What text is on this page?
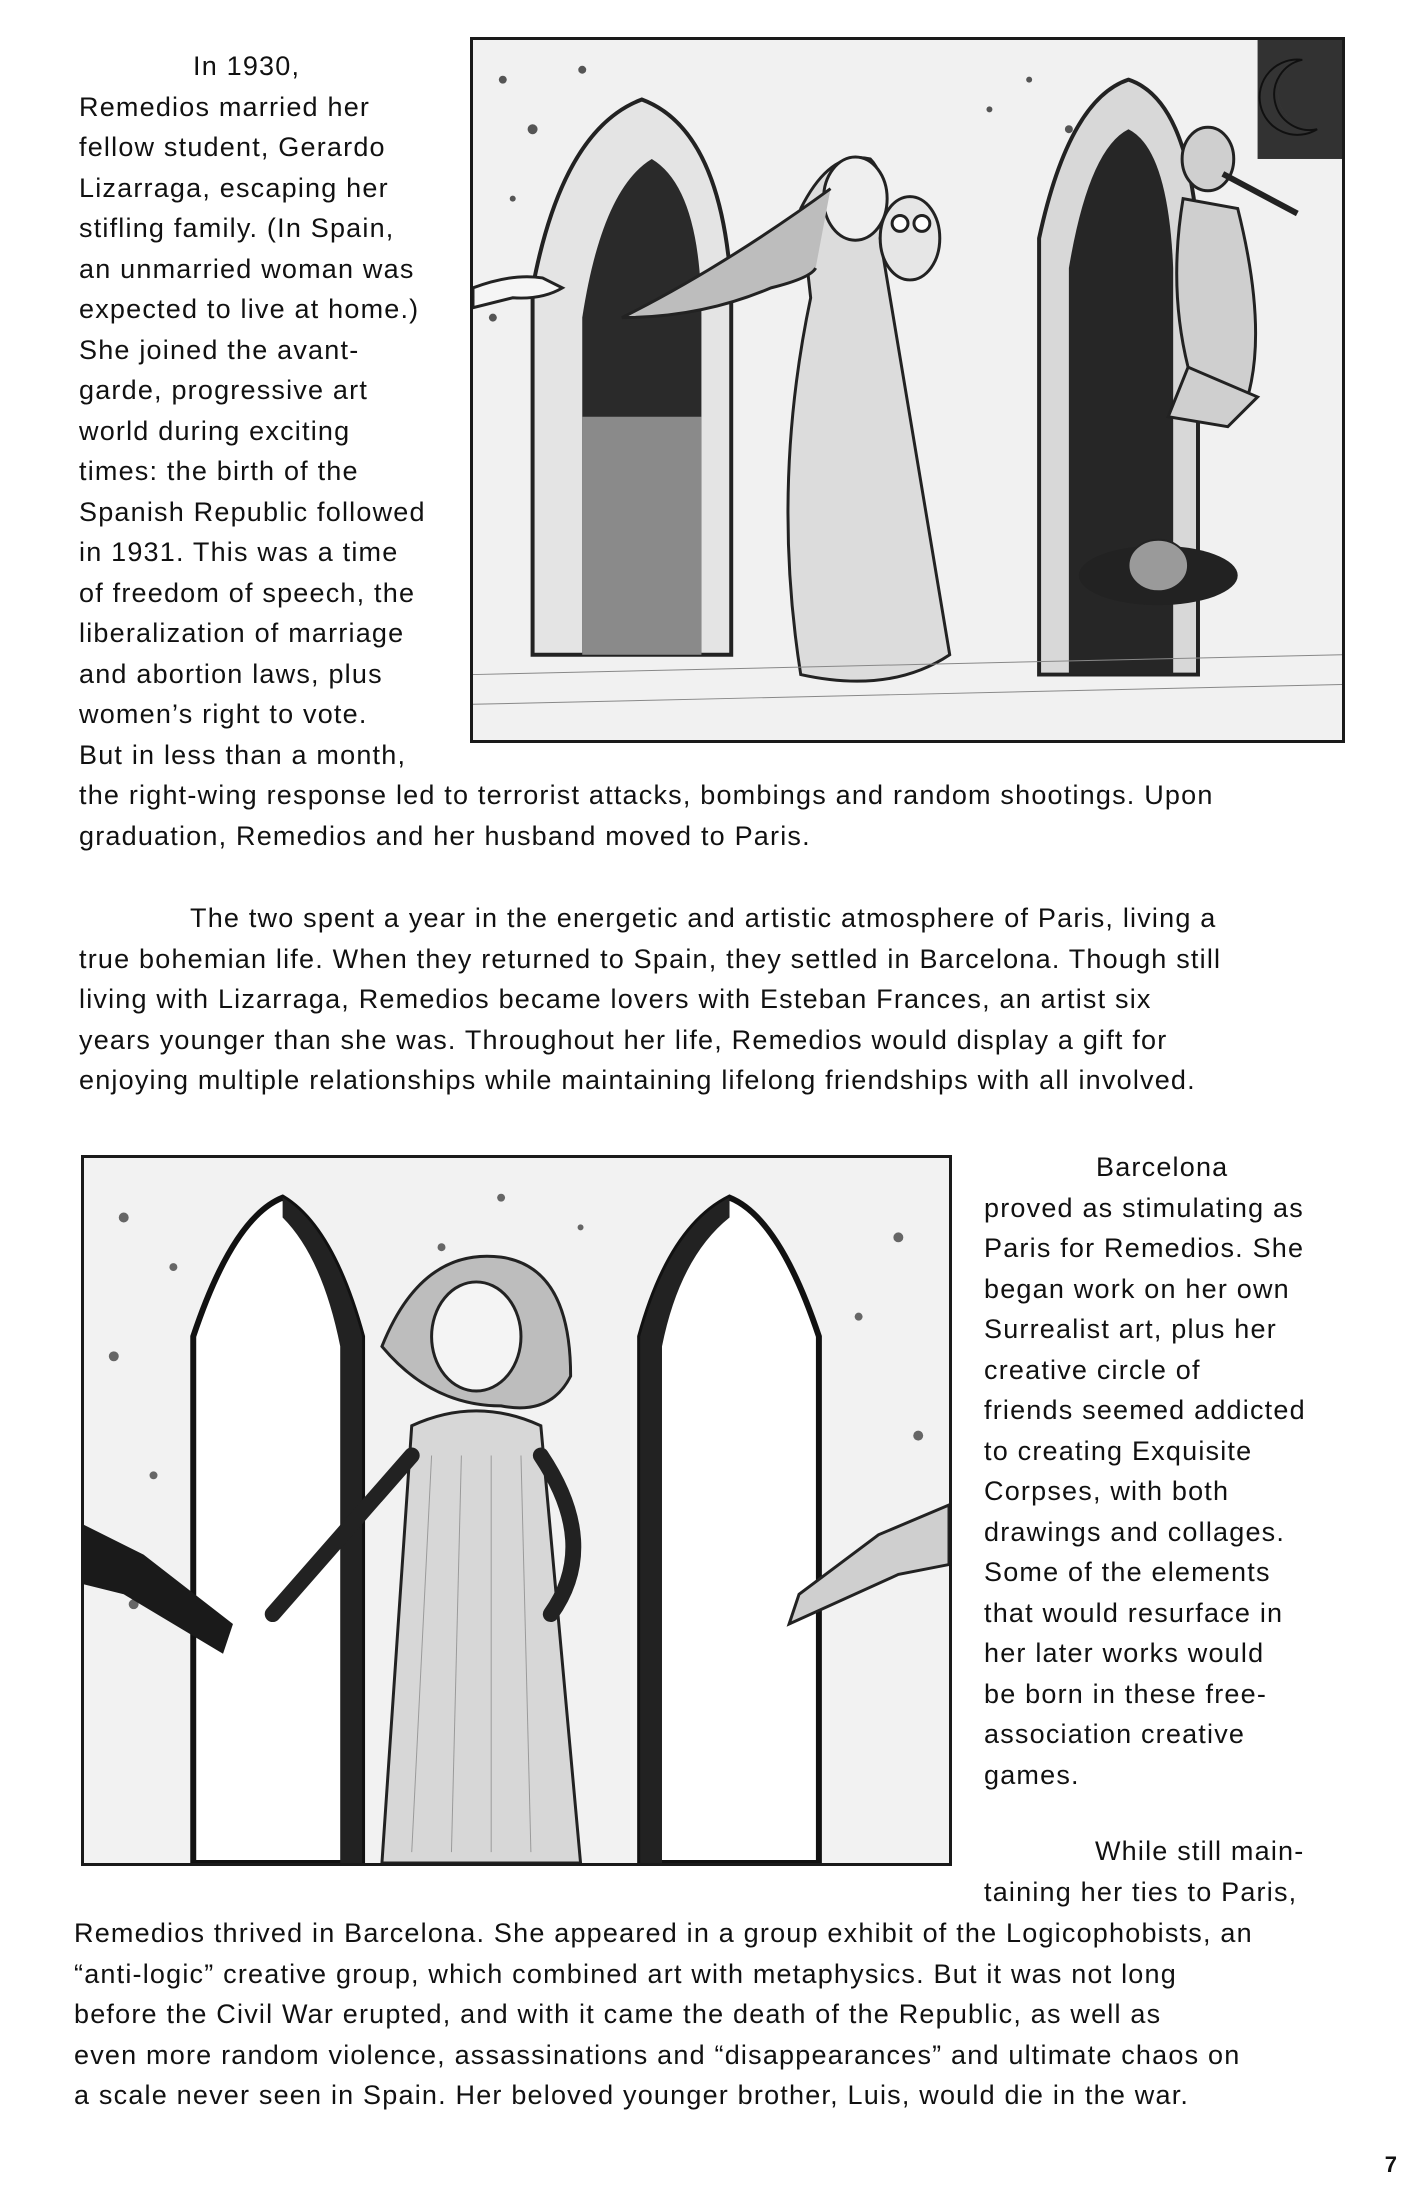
In 1930,
Remedios married her
fellow student, Gerardo
Lizarraga, escaping her
stifling family. (In Spain,
an unmarried woman was
expected to live at home.)
She joined the avant-
garde, progressive art
world during exciting
times: the birth of the
Spanish Republic followed
in 1931. This was a time
of freedom of speech, the
liberalization of marriage
and abortion laws, plus
women’s right to vote.
But in less than a month,
the right-wing response led to terrorist attacks, bombings and random shootings. Upon
graduation, Remedios and her husband moved to Paris.
The two spent a year in the energetic and artistic atmosphere of Paris, living a
true bohemian life. When they returned to Spain, they settled in Barcelona. Though still
living with Lizarraga, Remedios became lovers with Esteban Frances, an artist six
years younger than she was. Throughout her life, Remedios would display a gift for
enjoying multiple relationships while maintaining lifelong friendships with all involved.
Barcelona
proved as stimulating as
Paris for Remedios. She
began work on her own
Surrealist art, plus her
creative circle of
friends seemed addicted
to creating Exquisite
Corpses, with both
drawings and collages.
Some of the elements
that would resurface in
her later works would
be born in these free-
association creative
games.
While still main-
taining her ties to Paris,
Remedios thrived in Barcelona. She appeared in a group exhibit of the Logicophobists, an
“anti-logic” creative group, which combined art with metaphysics. But it was not long
before the Civil War erupted, and with it came the death of the Republic, as well as
even more random violence, assassinations and “disappearances” and ultimate chaos on
a scale never seen in Spain. Her beloved younger brother, Luis, would die in the war.
7
